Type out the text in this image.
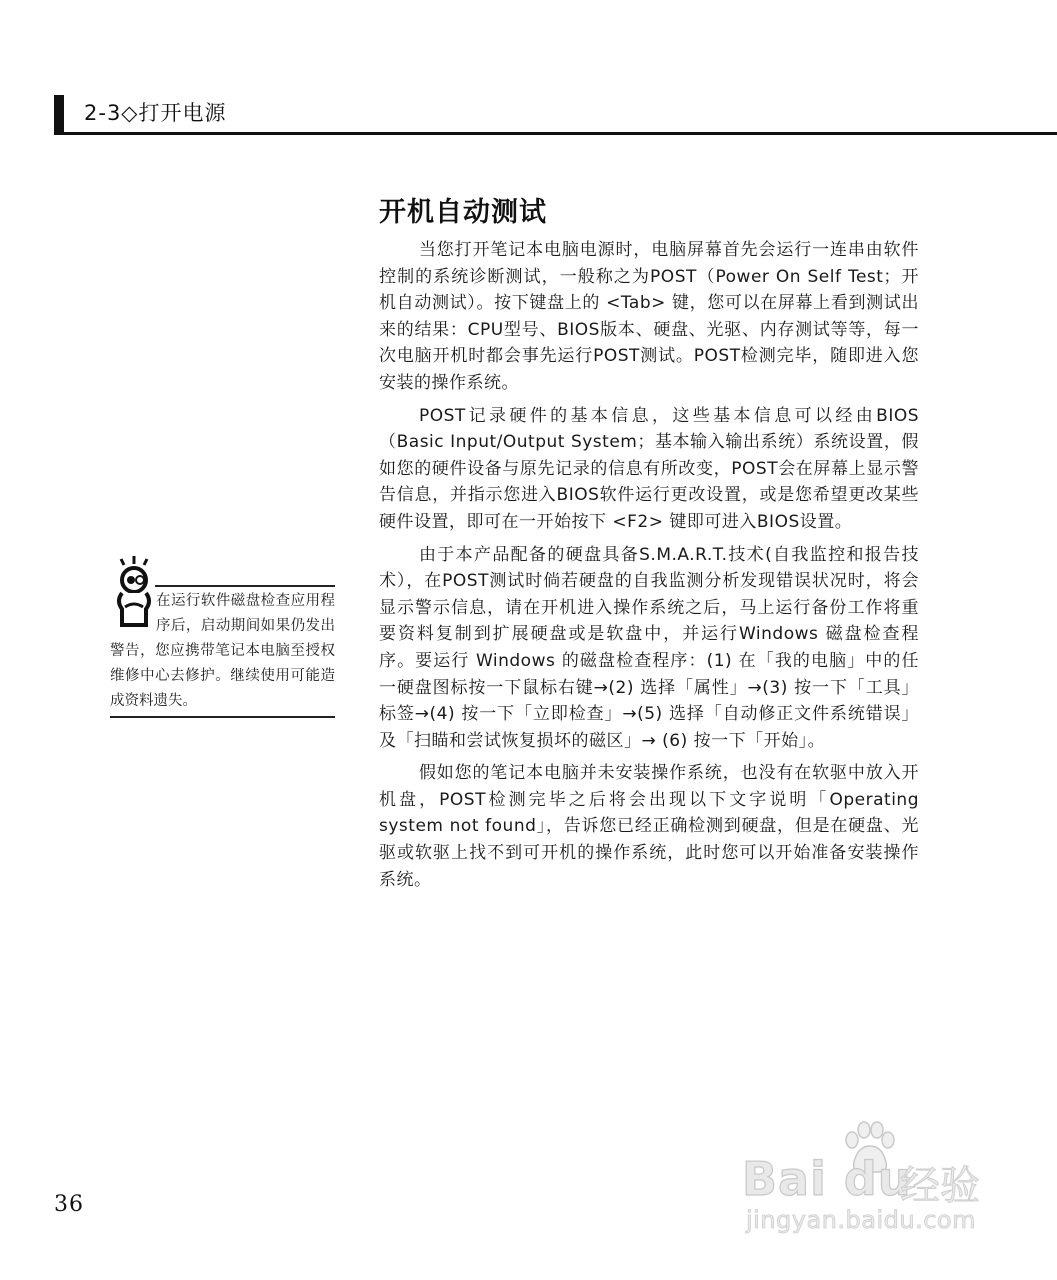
2-3◇打开电源
开机自动测试

当您打开笔记本电脑电源时，电脑屏幕首先会运行一连串由软件控制的系统诊断测试，一般称之为POST（Power On Self Test；开机自动测试）。按下键盘上的 <Tab> 键，您可以在屏幕上看到测试出来的结果：CPU型号、BIOS版本、硬盘、光驱、内存测试等等，每一次电脑开机时都会事先运行POST测试。POST检测完毕，随即进入您安装的操作系统。

POST记录硬件的基本信息，这些基本信息可以经由BIOS（Basic Input/Output System；基本输入输出系统）系统设置，假如您的硬件设备与原先记录的信息有所改变，POST会在屏幕上显示警告信息，并指示您进入BIOS软件运行更改设置，或是您希望更改某些硬件设置，即可在一开始按下 <F2> 键即可进入BIOS设置。

由于本产品配备的硬盘具备S.M.A.R.T.技术(自我监控和报告技术），在POST测试时倘若硬盘的自我监测分析发现错误状况时，将会显示警示信息，请在开机进入操作系统之后，马上运行备份工作将重要资料复制到扩展硬盘或是软盘中，并运行Windows 磁盘检查程序。要运行 Windows 的磁盘检查程序：(1) 在「我的电脑」中的任一硬盘图标按一下鼠标右键→(2) 选择「属性」→(3) 按一下「工具」标签→(4) 按一下「立即检查」→(5) 选择「自动修正文件系统错误」及「扫瞄和尝试恢复损坏的磁区」→ (6) 按一下「开始」。

假如您的笔记本电脑并未安装操作系统，也没有在软驱中放入开机盘，POST检测完毕之后将会出现以下文字说明「Operating system not found」，告诉您已经正确检测到硬盘，但是在硬盘、光驱或软驱上找不到可开机的操作系统，此时您可以开始准备安装操作系统。

在运行软件磁盘检查应用程序后，启动期间如果仍发出警告，您应携带笔记本电脑至授权维修中心去修护。继续使用可能造成资料遗失。
36	Bai du
经验
jingyan.baidu.com
